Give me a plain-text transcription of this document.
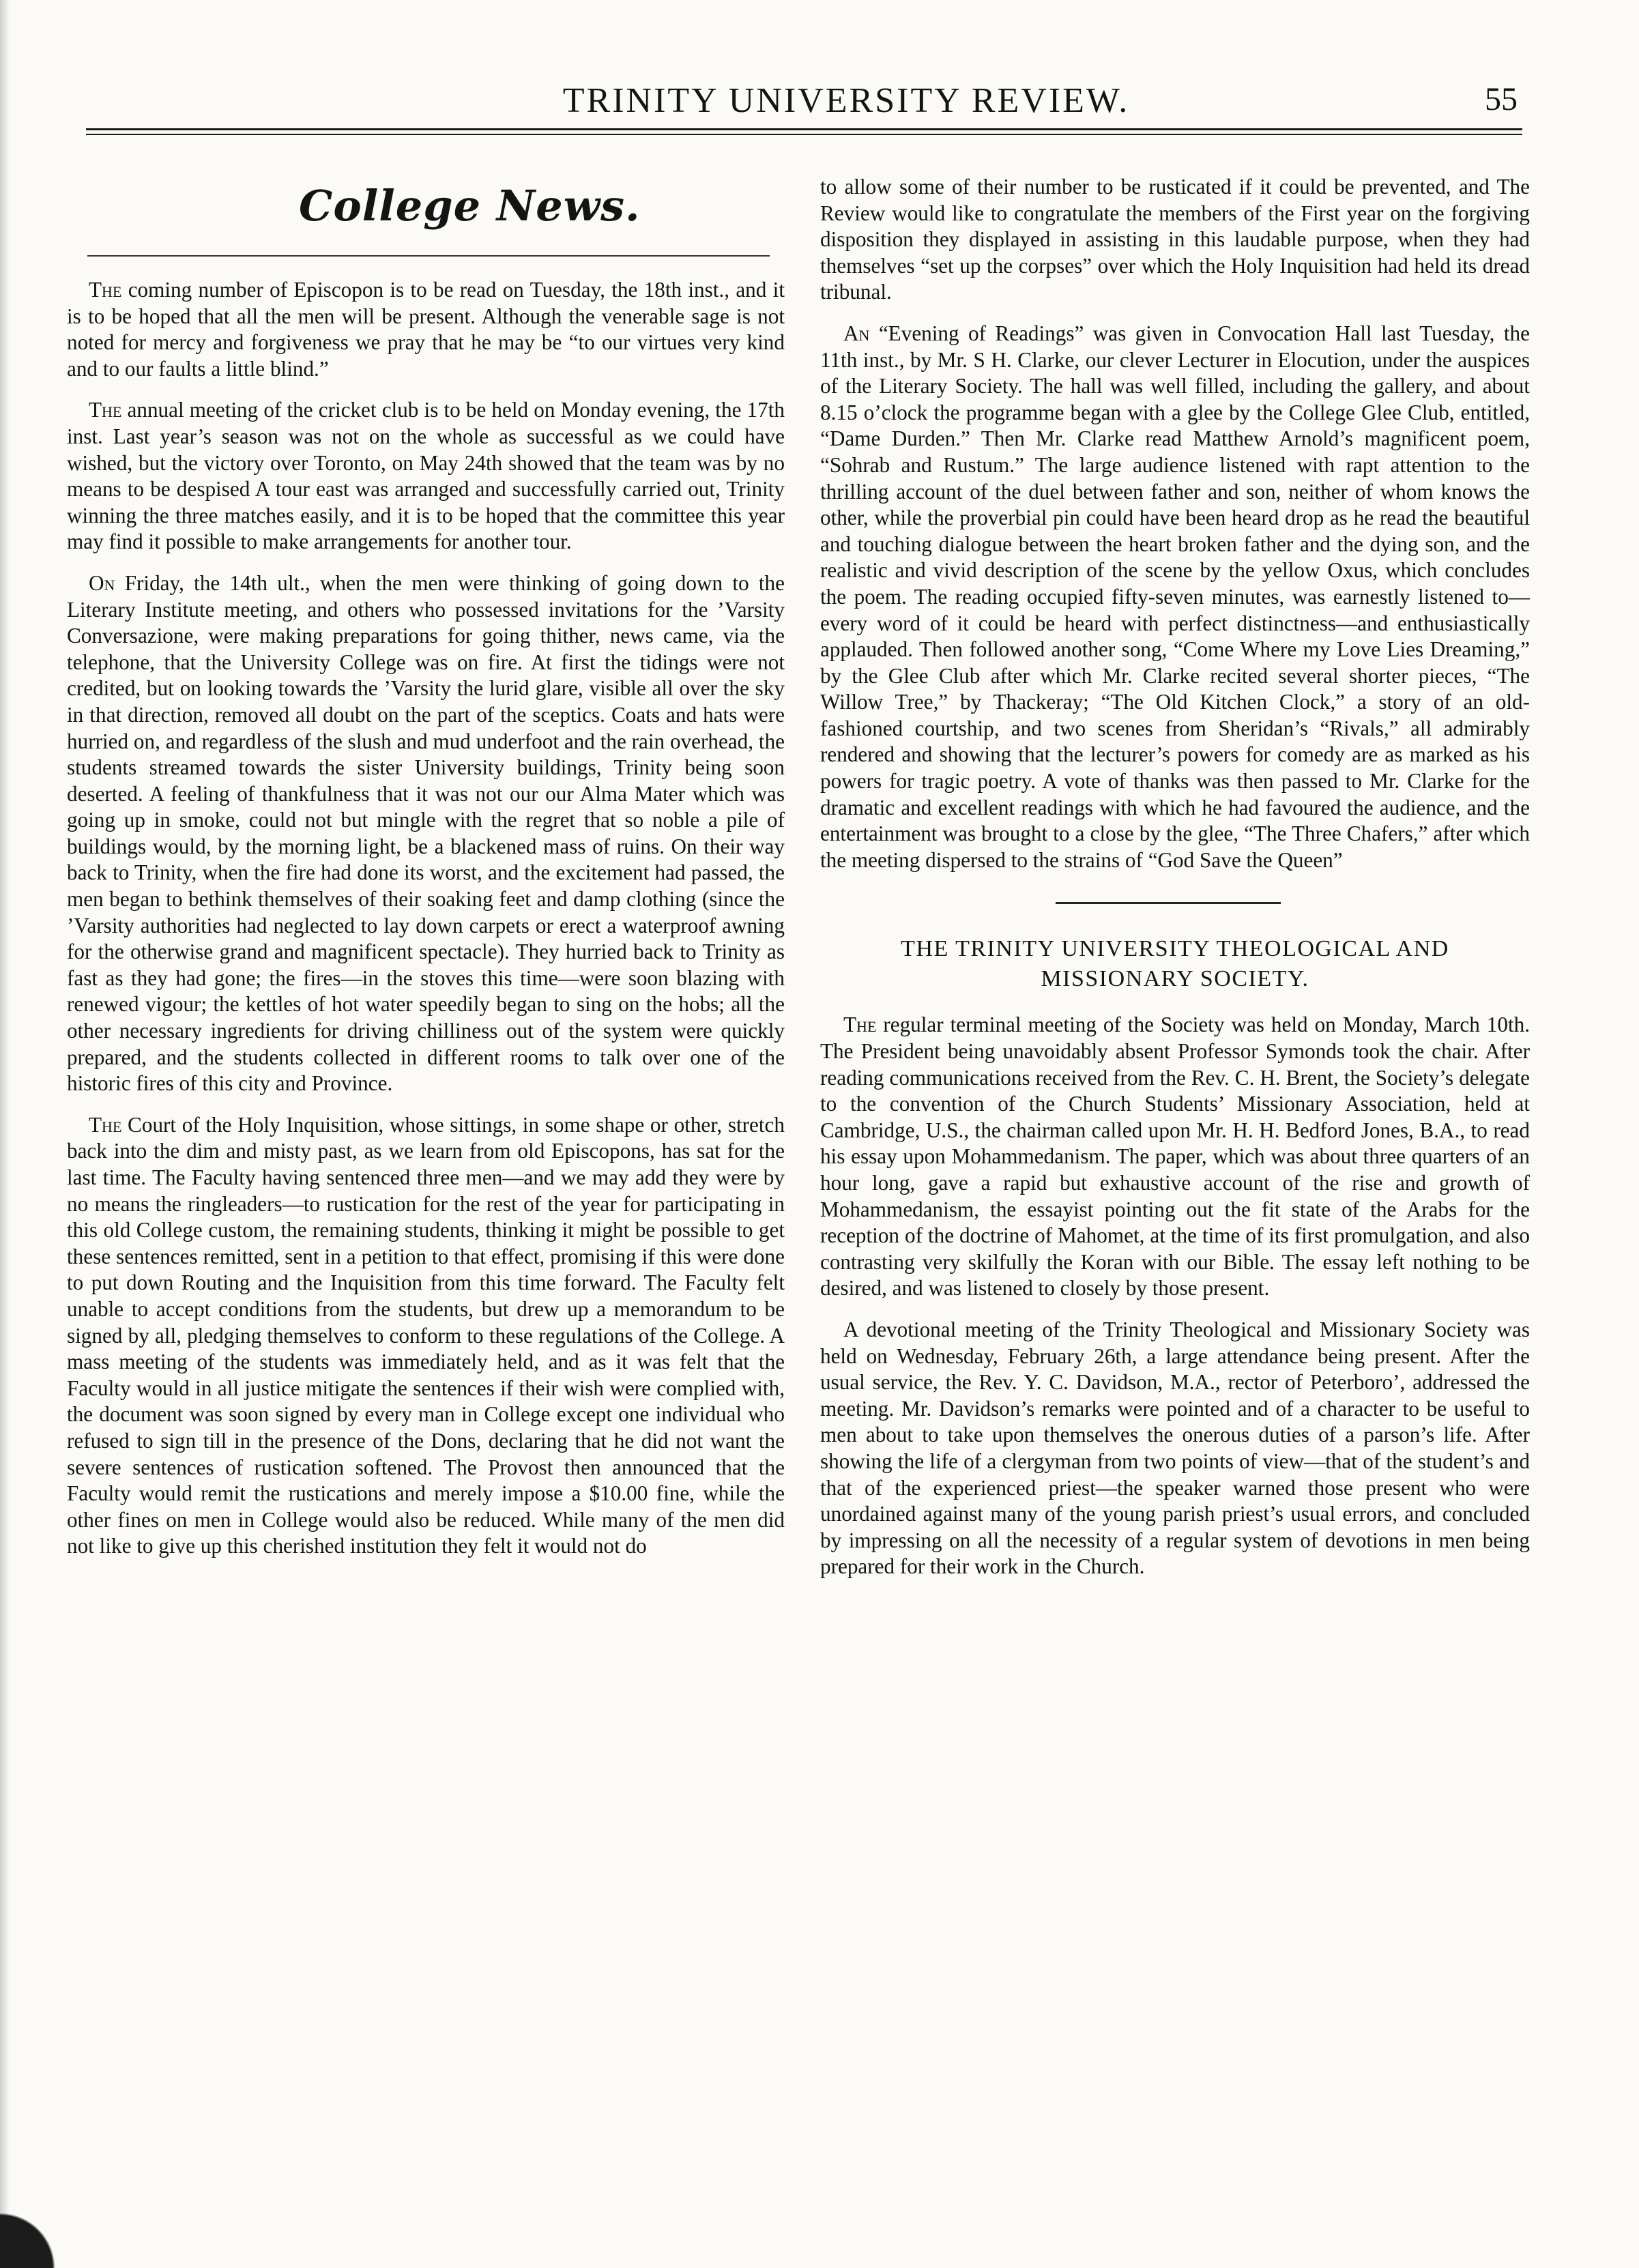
TRINITY UNIVERSITY REVIEW.	55
College News.

The coming number of Episcopon is to be read on Tuesday, the 18th inst., and it is to be hoped that all the men will be present. Although the venerable sage is not noted for mercy and forgiveness we pray that he may be “to our virtues very kind and to our faults a little blind.”

The annual meeting of the cricket club is to be held on Monday evening, the 17th inst. Last year’s season was not on the whole as successful as we could have wished, but the victory over Toronto, on May 24th showed that the team was by no means to be despised A tour east was arranged and successfully carried out, Trinity winning the three matches easily, and it is to be hoped that the committee this year may find it possible to make arrangements for another tour.

On Friday, the 14th ult., when the men were thinking of going down to the Literary Institute meeting, and others who possessed invitations for the ’Varsity Conversazione, were making preparations for going thither, news came, via the telephone, that the University College was on fire. At first the tidings were not credited, but on looking towards the ’Varsity the lurid glare, visible all over the sky in that direction, removed all doubt on the part of the sceptics. Coats and hats were hurried on, and regardless of the slush and mud underfoot and the rain overhead, the students streamed towards the sister University buildings, Trinity being soon deserted. A feeling of thankfulness that it was not our our Alma Mater which was going up in smoke, could not but mingle with the regret that so noble a pile of buildings would, by the morning light, be a blackened mass of ruins. On their way back to Trinity, when the fire had done its worst, and the excitement had passed, the men began to bethink themselves of their soaking feet and damp clothing (since the ’Varsity authorities had neglected to lay down carpets or erect a waterproof awning for the otherwise grand and magnificent spectacle). They hurried back to Trinity as fast as they had gone; the fires—in the stoves this time—were soon blazing with renewed vigour; the kettles of hot water speedily began to sing on the hobs; all the other necessary ingredients for driving chilliness out of the system were quickly prepared, and the students collected in different rooms to talk over one of the historic fires of this city and Province.

The Court of the Holy Inquisition, whose sittings, in some shape or other, stretch back into the dim and misty past, as we learn from old Episcopons, has sat for the last time. The Faculty having sentenced three men—and we may add they were by no means the ringleaders—to rustication for the rest of the year for participating in this old College custom, the remaining students, thinking it might be possible to get these sentences remitted, sent in a petition to that effect, promising if this were done to put down Routing and the Inquisition from this time forward. The Faculty felt unable to accept conditions from the students, but drew up a memorandum to be signed by all, pledging themselves to conform to these regulations of the College. A mass meeting of the students was immediately held, and as it was felt that the Faculty would in all justice mitigate the sentences if their wish were complied with, the document was soon signed by every man in College except one individual who refused to sign till in the presence of the Dons, declaring that he did not want the severe sentences of rustication softened. The Provost then announced that the Faculty would remit the rustications and merely impose a $10.00 fine, while the other fines on men in College would also be reduced. While many of the men did not like to give up this cherished institution they felt it would not do

to allow some of their number to be rusticated if it could be prevented, and The Review would like to congratulate the members of the First year on the forgiving disposition they displayed in assisting in this laudable purpose, when they had themselves “set up the corpses” over which the Holy Inquisition had held its dread tribunal.

An “Evening of Readings” was given in Convocation Hall last Tuesday, the 11th inst., by Mr. S H. Clarke, our clever Lecturer in Elocution, under the auspices of the Literary Society. The hall was well filled, including the gallery, and about 8.15 o’clock the programme began with a glee by the College Glee Club, entitled, “Dame Durden.” Then Mr. Clarke read Matthew Arnold’s magnificent poem, “Sohrab and Rustum.” The large audience listened with rapt attention to the thrilling account of the duel between father and son, neither of whom knows the other, while the proverbial pin could have been heard drop as he read the beautiful and touching dialogue between the heart broken father and the dying son, and the realistic and vivid description of the scene by the yellow Oxus, which concludes the poem. The reading occupied fifty-seven minutes, was earnestly listened to—every word of it could be heard with perfect distinctness—and enthusiastically applauded. Then followed another song, “Come Where my Love Lies Dreaming,” by the Glee Club after which Mr. Clarke recited several shorter pieces, “The Willow Tree,” by Thackeray; “The Old Kitchen Clock,” a story of an old-fashioned courtship, and two scenes from Sheridan’s “Rivals,” all admirably rendered and showing that the lecturer’s powers for comedy are as marked as his powers for tragic poetry. A vote of thanks was then passed to Mr. Clarke for the dramatic and excellent readings with which he had favoured the audience, and the entertainment was brought to a close by the glee, “The Three Chafers,” after which the meeting dispersed to the strains of “God Save the Queen”

THE TRINITY UNIVERSITY THEOLOGICAL AND
MISSIONARY SOCIETY.

The regular terminal meeting of the Society was held on Monday, March 10th. The President being unavoidably absent Professor Symonds took the chair. After reading communications received from the Rev. C. H. Brent, the Society’s delegate to the convention of the Church Students’ Missionary Association, held at Cambridge, U.S., the chairman called upon Mr. H. H. Bedford Jones, B.A., to read his essay upon Mohammedanism. The paper, which was about three quarters of an hour long, gave a rapid but exhaustive account of the rise and growth of Mohammedanism, the essayist pointing out the fit state of the Arabs for the reception of the doctrine of Mahomet, at the time of its first promulgation, and also contrasting very skilfully the Koran with our Bible. The essay left nothing to be desired, and was listened to closely by those present.

A devotional meeting of the Trinity Theological and Missionary Society was held on Wednesday, February 26th, a large attendance being present. After the usual service, the Rev. Y. C. Davidson, M.A., rector of Peterboro’, addressed the meeting. Mr. Davidson’s remarks were pointed and of a character to be useful to men about to take upon themselves the onerous duties of a parson’s life. After showing the life of a clergyman from two points of view—that of the student’s and that of the experienced priest—the speaker warned those present who were unordained against many of the young parish priest’s usual errors, and concluded by impressing on all the necessity of a regular system of devotions in men being prepared for their work in the Church.
